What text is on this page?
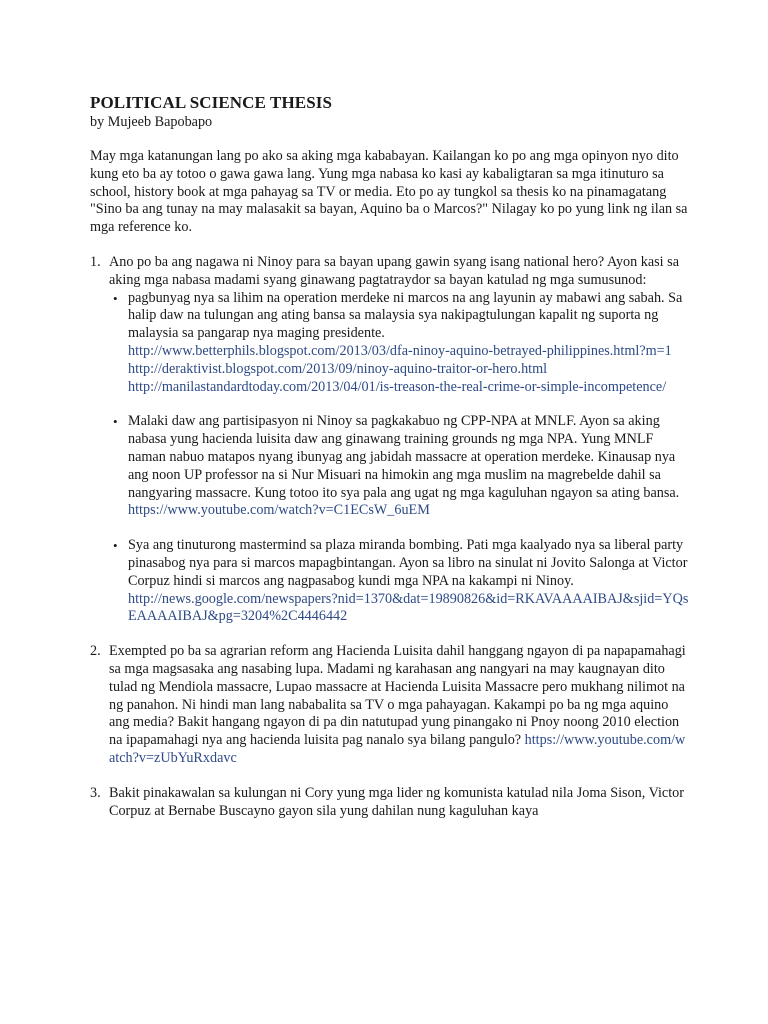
POLITICAL SCIENCE THESIS

by Mujeeb Bapobapo

May mga katanungan lang po ako sa aking mga kababayan. Kailangan ko po ang mga opinyon nyo dito kung eto ba ay totoo o gawa gawa lang. Yung mga nabasa ko kasi ay kabaligtaran sa mga itinuturo sa school, history book at mga pahayag sa TV or media. Eto po ay tungkol sa thesis ko na pinamagatang "Sino ba ang tunay na may malasakit sa bayan, Aquino ba o Marcos?" Nilagay ko po yung link ng ilan sa mga reference ko.

1. Ano po ba ang nagawa ni Ninoy para sa bayan upang gawin syang isang national hero? Ayon kasi sa aking mga nabasa madami syang ginawang pagtatraydor sa bayan katulad ng mga sumusunod:
• pagbunyag nya sa lihim na operation merdeke ni marcos na ang layunin ay mabawi ang sabah. Sa halip daw na tulungan ang ating bansa sa malaysia sya nakipagtulungan kapalit ng suporta ng malaysia sa pangarap nya maging presidente.
http://www.betterphils.blogspot.com/2013/03/dfa-ninoy-aquino-betrayed-philippines.html?m=1
http://deraktivist.blogspot.com/2013/09/ninoy-aquino-traitor-or-hero.html
http://manilastandardtoday.com/2013/04/01/is-treason-the-real-crime-or-simple-incompetence/
• Malaki daw ang partisipasyon ni Ninoy sa pagkakabuo ng CPP-NPA at MNLF. Ayon sa aking nabasa yung hacienda luisita daw ang ginawang training grounds ng mga NPA. Yung MNLF naman nabuo matapos nyang ibunyag ang jabidah massacre at operation merdeke. Kinausap nya ang noon UP professor na si Nur Misuari na himokin ang mga muslim na magrebelde dahil sa nangyaring massacre. Kung totoo ito sya pala ang ugat ng mga kaguluhan ngayon sa ating bansa.
https://www.youtube.com/watch?v=C1ECsW_6uEM
• Sya ang tinuturong mastermind sa plaza miranda bombing. Pati mga kaalyado nya sa liberal party pinasabog nya para si marcos mapagbintangan. Ayon sa libro na sinulat ni Jovito Salonga at Victor Corpuz hindi si marcos ang nagpasabog kundi mga NPA na kakampi ni Ninoy.
http://news.google.com/newspapers?nid=1370&dat=19890826&id=RKAVAAAAIBAJ&sjid=YQsEAAAAIBAJ&pg=3204%2C4446442
2. Exempted po ba sa agrarian reform ang Hacienda Luisita dahil hanggang ngayon di pa napapamahagi sa mga magsasaka ang nasabing lupa. Madami ng karahasan ang nangyari na may kaugnayan dito tulad ng Mendiola massacre, Lupao massacre at Hacienda Luisita Massacre pero mukhang nilimot na ng panahon. Ni hindi man lang nababalita sa TV o mga pahayagan. Kakampi po ba ng mga aquino ang media? Bakit hangang ngayon di pa din natutupad yung pinangako ni Pnoy noong 2010 election na ipapamahagi nya ang hacienda luisita pag nanalo sya bilang pangulo? https://www.youtube.com/watch?v=zUbYuRxdavc
3. Bakit pinakawalan sa kulungan ni Cory yung mga lider ng komunista katulad nila Joma Sison, Victor Corpuz at Bernabe Buscayno gayon sila yung dahilan nung kaguluhan kaya
